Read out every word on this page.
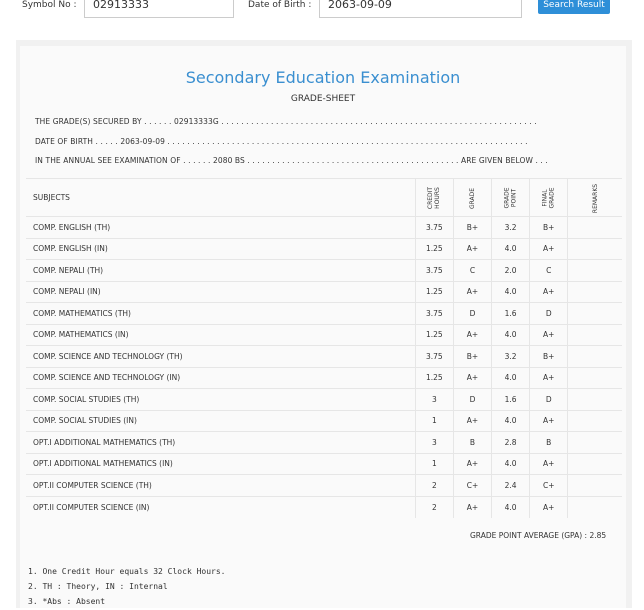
Symbol No :	02913333	Date of Birth :	2063-09-09	Search Result
Secondary Education Examination
GRADE-SHEET
THE GRADE(S) SECURED BY . . . . . . 02913333G . . . . . . . . . . . . . . . . . . . . . . . . . . . . . . . . . . . . . . . . . . . . . . . . . . . . . . . . . . . . . . . .
DATE OF BIRTH . . . . . 2063-09-09 . . . . . . . . . . . . . . . . . . . . . . . . . . . . . . . . . . . . . . . . . . . . . . . . . . . . . . . . . . . . . . . . . . . . . . . . .
IN THE ANNUAL SEE EXAMINATION OF . . . . . . 2080 BS . . . . . . . . . . . . . . . . . . . . . . . . . . . . . . . . . . . . . . . . . . . ARE GIVEN BELOW . . .
SUBJECTS	CREDIT HOURS	GRADE	GRADE POINT	FINAL GRADE	REMARKS

COMP. ENGLISH (TH)	3.75	B+	3.2	B+	
COMP. ENGLISH (IN)	1.25	A+	4.0	A+	
COMP. NEPALI (TH)	3.75	C	2.0	C	
COMP. NEPALI (IN)	1.25	A+	4.0	A+	
COMP. MATHEMATICS (TH)	3.75	D	1.6	D	
COMP. MATHEMATICS (IN)	1.25	A+	4.0	A+	
COMP. SCIENCE AND TECHNOLOGY (TH)	3.75	B+	3.2	B+	
COMP. SCIENCE AND TECHNOLOGY (IN)	1.25	A+	4.0	A+	
COMP. SOCIAL STUDIES (TH)	3	D	1.6	D	
COMP. SOCIAL STUDIES (IN)	1	A+	4.0	A+	
OPT.I ADDITIONAL MATHEMATICS (TH)	3	B	2.8	B	
OPT.I ADDITIONAL MATHEMATICS (IN)	1	A+	4.0	A+	
OPT.II COMPUTER SCIENCE (TH)	2	C+	2.4	C+	
OPT.II COMPUTER SCIENCE (IN)	2	A+	4.0	A+	
GRADE POINT AVERAGE (GPA) : 2.85
1. One Credit Hour equals 32 Clock Hours.
2. TH : Theory, IN : Internal
3. *Abs : Absent
